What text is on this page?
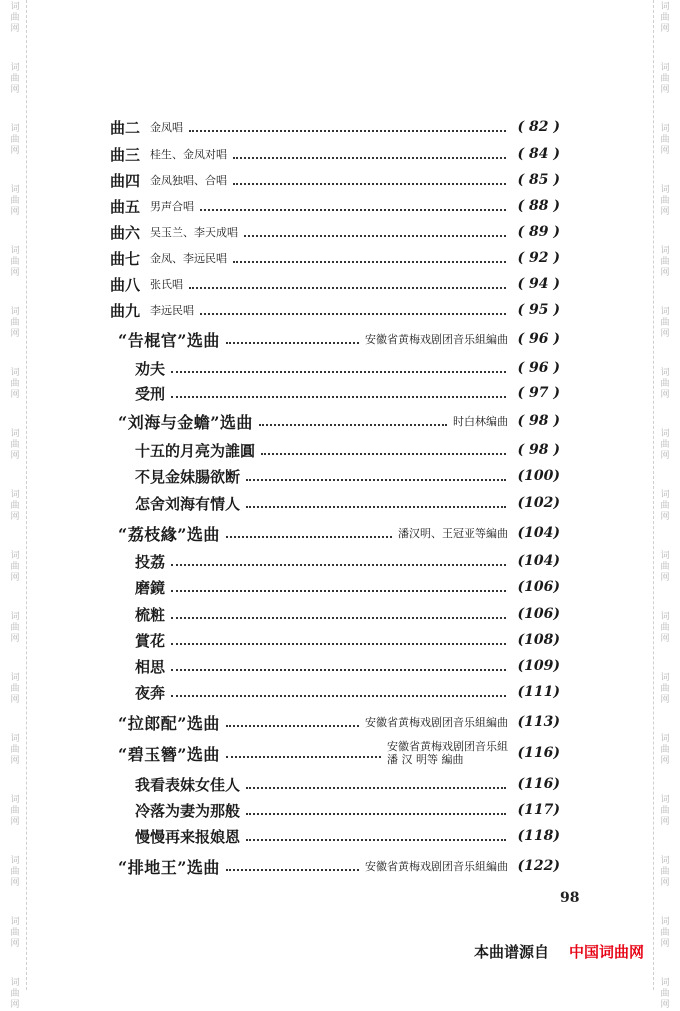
曲二 金凤唱	( 82 )
曲三 桂生、金凤对唱	( 84 )
曲四 金凤独唱、合唱	( 85 )
曲五 男声合唱	( 88 )
曲六 吴玉兰、李天成唱	( 89 )
曲七 金凤、李远民唱	( 92 )
曲八 张氏唱	( 94 )
曲九 李远民唱	( 95 )
“告棍官”选曲	安徽省黄梅戏剧团音乐組編曲 ( 96 )
劝夫	( 96 )
受刑	( 97 )
“刘海与金蟾”选曲	时白林编曲 ( 98 )
十五的月亮为誰圓	( 98 )
不見金妹腸欲断	(100)
怎舍刘海有情人	(102)
“荔枝緣”选曲	潘汉明、王冠亚等編曲 (104)
投荔	(104)
磨鏡	(106)
梳粧	(106)
賞花	(108)
相思	(109)
夜奔	(111)
“拉郎配”选曲	安徽省黄梅戏剧团音乐組編曲 (113)
“碧玉簪”选曲	安徽省黄梅戏剧团音乐組
潘 汉 明等 編曲	(116)
我看表妹女佳人	(116)
冷落为妻为那般	(117)
慢慢再来报娘恩	(118)
“排地王”选曲	安徽省黄梅戏剧团音乐組編曲 (122)
98
本曲谱源自 中国词曲网
词
曲
网
词
曲
网
词
曲
网
词
曲
网
词
曲
网
词
曲
网
词
曲
网
词
曲
网
词
曲
网
词
曲
网
词
曲
网
词
曲
网
词
曲
网
词
曲
网
词
曲
网
词
曲
网
词
曲
网
词
曲
网
词
曲
网
词
曲
网
词
曲
网
词
曲
网
词
曲
网
词
曲
网
词
曲
网
词
曲
网
词
曲
网
词
曲
网
词
曲
网
词
曲
网
词
曲
网
词
曲
网
词
曲
网
词
曲
网
